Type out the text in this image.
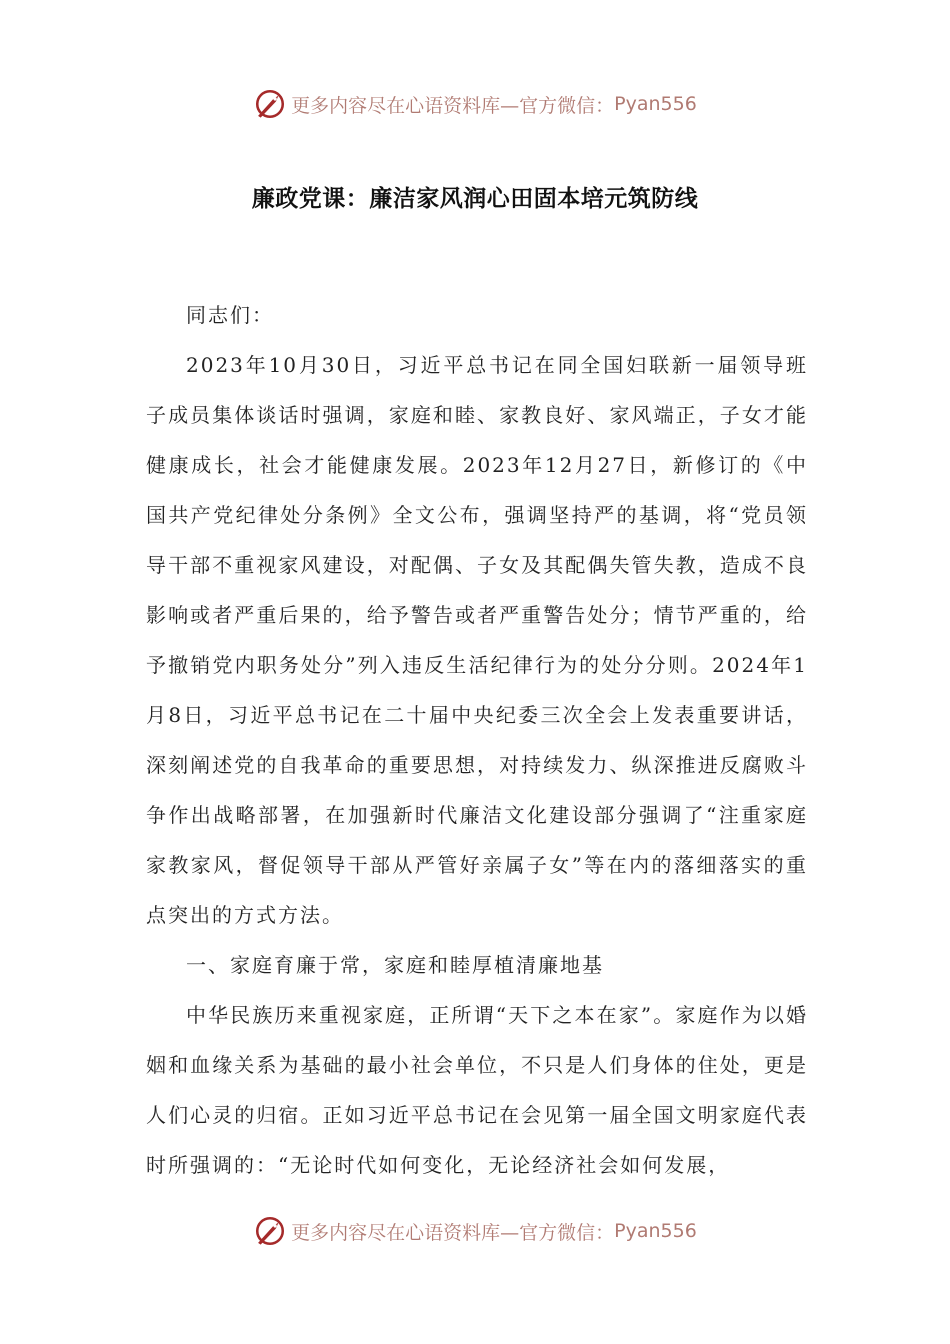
更多内容尽在心语资料库—官方微信： Pyan556
廉政党课：廉洁家风润心田固本培元筑防线

同志们：

2023年10月30日，习近平总书记在同全国妇联新一届领导班子成员集体谈话时强调，家庭和睦、家教良好、家风端正，子女才能健康成长，社会才能健康发展。2023年12月27日，新修订的《中国共产党纪律处分条例》全文公布，强调坚持严的基调，将“党员领导干部不重视家风建设，对配偶、子女及其配偶失管失教，造成不良影响或者严重后果的，给予警告或者严重警告处分；情节严重的，给予撤销党内职务处分”列入违反生活纪律行为的处分分则。2024年1月8日，习近平总书记在二十届中央纪委三次全会上发表重要讲话，深刻阐述党的自我革命的重要思想，对持续发力、纵深推进反腐败斗争作出战略部署，在加强新时代廉洁文化建设部分强调了“注重家庭家教家风，督促领导干部从严管好亲属子女”等在内的落细落实的重点突出的方式方法。

一、家庭育廉于常，家庭和睦厚植清廉地基

中华民族历来重视家庭，正所谓“天下之本在家”。家庭作为以婚姻和血缘关系为基础的最小社会单位，不只是人们身体的住处，更是人们心灵的归宿。正如习近平总书记在会见第一届全国文明家庭代表时所强调的：“无论时代如何变化，无论经济社会如何发展，

更多内容尽在心语资料库—官方微信： Pyan556
